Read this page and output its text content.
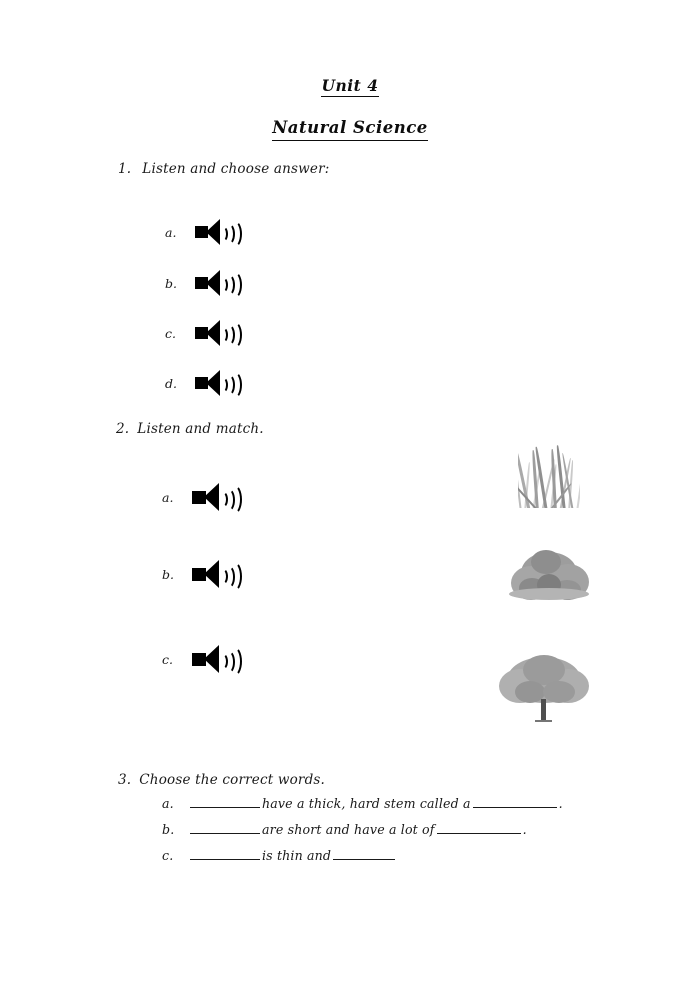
Unit 4
Natural Science
1. Listen and choose answer:
a.
b.
c.
d.
2. Listen and match.
a.
b.
c.
3. Choose the correct words.
a.	have a thick, hard stem called a	.
b.	are short and have a lot of	.
c.	is thin and
